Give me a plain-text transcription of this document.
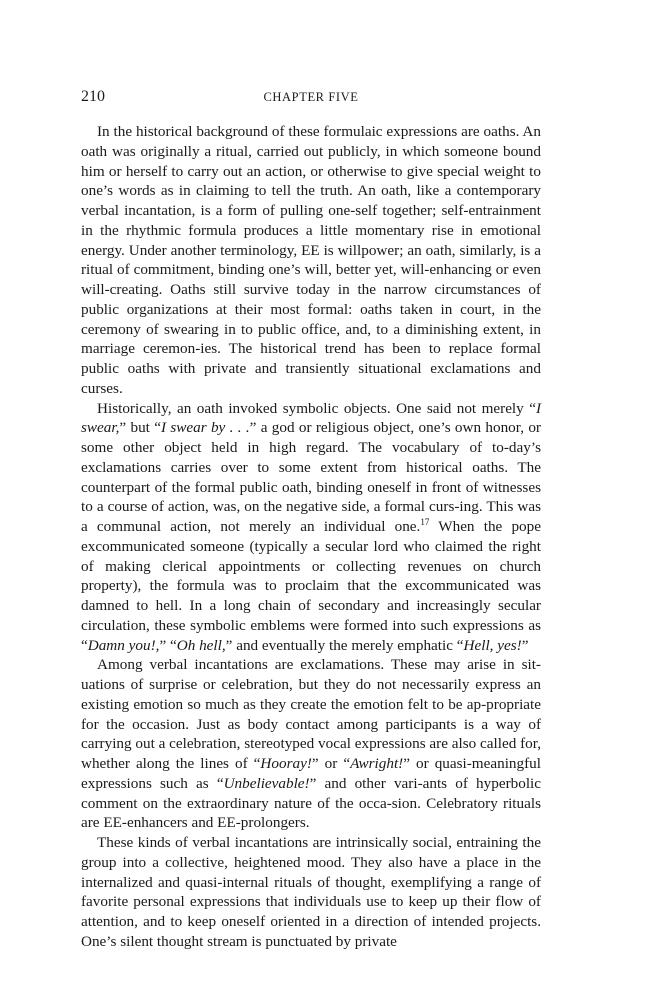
210	CHAPTER FIVE

In the historical background of these formulaic expressions are oaths. An oath was originally a ritual, carried out publicly, in which someone bound him or herself to carry out an action, or otherwise to give special weight to one’s words as in claiming to tell the truth. An oath, like a contemporary verbal incantation, is a form of pulling one-self together; self-entrainment in the rhythmic formula produces a little momentary rise in emotional energy. Under another terminology, EE is willpower; an oath, similarly, is a ritual of commitment, binding one’s will, better yet, will-enhancing or even will-creating. Oaths still survive today in the narrow circumstances of public organizations at their most formal: oaths taken in court, in the ceremony of swearing in to public office, and, to a diminishing extent, in marriage ceremon-ies. The historical trend has been to replace formal public oaths with private and transiently situational exclamations and curses.

Historically, an oath invoked symbolic objects. One said not merely “I swear,” but “I swear by . . .” a god or religious object, one’s own honor, or some other object held in high regard. The vocabulary of to-day’s exclamations carries over to some extent from historical oaths. The counterpart of the formal public oath, binding oneself in front of witnesses to a course of action, was, on the negative side, a formal curs-ing. This was a communal action, not merely an individual one.$^{17}$ When the pope excommunicated someone (typically a secular lord who claimed the right of making clerical appointments or collecting revenues on church property), the formula was to proclaim that the excommunicated was damned to hell. In a long chain of secondary and increasingly secular circulation, these symbolic emblems were formed into such expressions as “Damn you!,” “Oh hell,” and eventually the merely emphatic “Hell, yes!”

Among verbal incantations are exclamations. These may arise in sit-uations of surprise or celebration, but they do not necessarily express an existing emotion so much as they create the emotion felt to be ap-propriate for the occasion. Just as body contact among participants is a way of carrying out a celebration, stereotyped vocal expressions are also called for, whether along the lines of “Hooray!” or “Awright!” or quasi-meaningful expressions such as “Unbelievable!” and other vari-ants of hyperbolic comment on the extraordinary nature of the occa-sion. Celebratory rituals are EE-enhancers and EE-prolongers.

These kinds of verbal incantations are intrinsically social, entraining the group into a collective, heightened mood. They also have a place in the internalized and quasi-internal rituals of thought, exemplifying a range of favorite personal expressions that individuals use to keep up their flow of attention, and to keep oneself oriented in a direction of intended projects. One’s silent thought stream is punctuated by private
